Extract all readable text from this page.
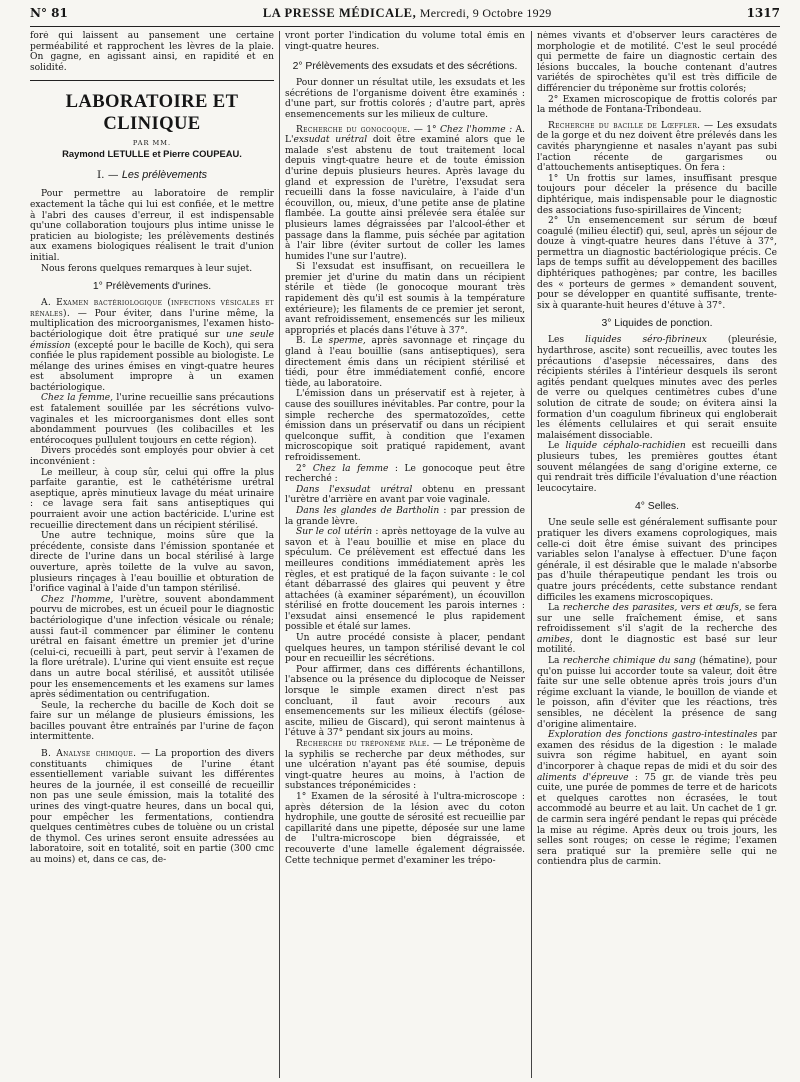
N° 81	LA PRESSE MÉDICALE, Mercredi, 9 Octobre 1929	1317

foré qui laissent au pansement une certaine perméabilité et rapprochent les lèvres de la plaie. On gagne, en agissant ainsi, en rapidité et en solidité.

LABORATOIRE ET CLINIQUE
PAR MM.
Raymond LETULLE et Pierre COUPEAU.
I. — Les prélèvements

Pour permettre au laboratoire de remplir exactement la tâche qui lui est confiée, et le mettre à l'abri des causes d'erreur, il est indispensable qu'une collaboration toujours plus intime unisse le praticien au biologiste; les prélèvements destinés aux examens biologiques réalisent le trait d'union initial.

Nous ferons quelques remarques à leur sujet.

1° Prélèvements d'urines.

A. Examen bactériologique (infections vésicales et rénales). — Pour éviter, dans l'urine même, la multiplication des microorganismes, l'examen histo-bactériologique doit être pratiqué sur une seule émission (excepté pour le bacille de Koch), qui sera confiée le plus rapidement possible au biologiste. Le mélange des urines émises en vingt-quatre heures est absolument improprе à un examen bactériologique.

Chez la femme, l'urine recueillie sans précautions est fatalement souillée par les sécrétions vulvo-vaginales et les microorganismes dont elles sont abondamment pourvues (les colibacilles et les entérocoques pullulent toujours en cette région).

Divers procédés sont employés pour obvier à cet inconvénient :

Le meilleur, à coup sûr, celui qui offre la plus parfaite garantie, est le cathétérisme urétral aseptique, après minutieux lavage du méat urinaire : ce lavage sera fait sans antiseptiques qui pourraient avoir une action bactéricide. L'urine est recueillie directement dans un récipient stérilisé.

Une autre technique, moins sûre que la précédente, consiste dans l'émission spontanée et directe de l'urine dans un bocal stérilisé à large ouverture, après toilette de la vulve au savon, plusieurs rinçages à l'eau bouillie et obturation de l'orifice vaginal à l'aide d'un tampon stérilisé.

Chez l'homme, l'urètre, souvent abondamment pourvu de microbes, est un écueil pour le diagnostic bactériologique d'une infection vésicale ou rénale; aussi faut-il commencer par éliminer le contenu urétral en faisant émettre un premier jet d'urine (celui-ci, recueilli à part, peut servir à l'examen de la flore urétrale). L'urine qui vient ensuite est reçue dans un autre bocal stérilisé, et aussitôt utilisée pour les ensemencements et les examens sur lames après sédimentation ou centrifugation.

Seule, la recherche du bacille de Koch doit se faire sur un mélange de plusieurs émissions, les bacilles pouvant être entraînés par l'urine de façon intermittente.

B. Analyse chimique. — La proportion des divers constituants chimiques de l'urine étant essentiellement variable suivant les différentes heures de la journée, il est conseillé de recueillir non pas une seule émission, mais la totalité des urines des vingt-quatre heures, dans un bocal qui, pour empêcher les fermentations, contiendra quelques centimètres cubes de toluène ou un cristal de thymol. Ces urines seront ensuite adressées au laboratoire, soit en totalité, soit en partie (300 cmc au moins) et, dans ce cas, de-

vront porter l'indication du volume total émis en vingt-quatre heures.

2° Prélèvements des exsudats et des sécrétions.

Pour donner un résultat utile, les exsudats et les sécrétions de l'organisme doivent être examinés : d'une part, sur frottis colorés ; d'autre part, après ensemencements sur les milieux de culture.

Recherche du gonocoque. — 1° Chez l'homme : A. L'exsudat urétral doit être examiné alors que le malade s'est abstenu de tout traitement local depuis vingt-quatre heure et de toute émission d'urine depuis plusieurs heures. Après lavage du gland et expression de l'urètre, l'exsudat sera recueilli dans la fosse naviculaire, à l'aide d'un écouvillon, ou, mieux, d'une petite anse de platine flambée. La goutte ainsi prélevée sera étalée sur plusieurs lames dégraissées par l'alcool-éther et passage dans la flamme, puis séchée par agitation à l'air libre (éviter surtout de coller les lames humides l'une sur l'autre).

Si l'exsudat est insuffisant, on recueillera le premier jet d'urine du matin dans un récipient stérile et tiède (le gonocoque mourant très rapidement dès qu'il est soumis à la température extérieure); les filaments de ce premier jet seront, avant refroidissement, ensemencés sur les milieux appropriés et placés dans l'étuve à 37°.

B. Le sperme, après savonnage et rinçage du gland à l'eau bouillie (sans antiseptiques), sera directement émis dans un récipient stérilisé et tiédi, pour être immédiatement confié, encore tiède, au laboratoire.

L'émission dans un préservatif est à rejeter, à cause des souillures inévitables. Par contre, pour la simple recherche des spermatozoïdes, cette émission dans un préservatif ou dans un récipient quelconque suffit, à condition que l'examen microscopique soit pratiqué rapidement, avant refroidissement.

2° Chez la femme : Le gonocoque peut être recherché :

Dans l'exsudat urétral obtenu en pressant l'urètre d'arrière en avant par voie vaginale.

Dans les glandes de Bartholin : par pression de la grande lèvre.

Sur le col utérin : après nettoyage de la vulve au savon et à l'eau bouillie et mise en place du spéculum. Ce prélèvement est effectué dans les meilleures conditions immédiatement après les règles, et est pratiqué de la façon suivante : le col étant débarrassé des glaires qui peuvent y être attachées (à examiner séparément), un écouvillon stérilisé en frotte doucement les parois internes : l'exsudat ainsi ensemencé le plus rapidement possible et étalé sur lames.

Un autre procédé consiste à placer, pendant quelques heures, un tampon stérilisé devant le col pour en recueillir les sécrétions.

Pour affirmer, dans ces différents échantillons, l'absence ou la présence du diplocoque de Neisser lorsque le simple examen direct n'est pas concluant, il faut avoir recours aux ensemencements sur les milieux électifs (gélose-ascite, milieu de Giscard), qui seront maintenus à l'étuve à 37° pendant six jours au moins.

Recherche du tréponème pâle. — Le tréponème de la syphilis se recherche par deux méthodes, sur une ulcération n'ayant pas été soumise, depuis vingt-quatre heures au moins, à l'action de substances tréponémicides :

1° Examen de la sérosité à l'ultra-microscope : après détersion de la lésion avec du coton hydrophile, une goutte de sérosité est recueillie par capillarité dans une pipette, déposée sur une lame de l'ultra-microscope bien dégraissée, et recouverte d'une lamelle également dégraissée. Cette technique permet d'examiner les trépo-

nèmes vivants et d'observer leurs caractères de morphologie et de motilité. C'est le seul procédé qui permette de faire un diagnostic certain des lésions buccales, la bouche contenant d'autres variétés de spirochètes qu'il est très difficile de différencier du tréponème sur frottis colorés;

2° Examen microscopique de frottis colorés par la méthode de Fontana-Tribondeau.

Recherche du bacille de Lœffler. — Les exsudats de la gorge et du nez doivent être prélevés dans les cavités pharyngienne et nasales n'ayant pas subi l'action récente de gargarismes ou d'attouchements antiseptiques. On fera :

1° Un frottis sur lames, insuffisant presque toujours pour déceler la présence du bacille diphtérique, mais indispensable pour le diagnostic des associations fuso-spirillaires de Vincent;

2° Un ensemencement sur sérum de bœuf coagulé (milieu électif) qui, seul, après un séjour de douze à vingt-quatre heures dans l'étuve à 37°, permettra un diagnostic bactériologique précis. Ce laps de temps suffit au développement des bacilles diphtériques pathogènes; par contre, les bacilles des « porteurs de germes » demandent souvent, pour se développer en quantité suffisante, trente-six à quarante-huit heures d'étuve à 37°.

3° Liquides de ponction.

Les liquides séro-fibrineux (pleurésie, hydarthrose, ascite) sont recueillis, avec toutes les précautions d'asepsie nécessaires, dans des récipients stériles à l'intérieur desquels ils seront agités pendant quelques minutes avec des perles de verre ou quelques centimètres cubes d'une solution de citrate de soude; on évitera ainsi la formation d'un coagulum fibrineux qui engloberait les éléments cellulaires et qui serait ensuite malaisément dissociable.

Le liquide céphalo-rachidien est recueilli dans plusieurs tubes, les premières gouttes étant souvent mélangées de sang d'origine externe, ce qui rendrait très difficile l'évaluation d'une réaction leucocytaire.

4° Selles.

Une seule selle est généralement suffisante pour pratiquer les divers examens coprologiques, mais celle-ci doit être émise suivant des principes variables selon l'analyse à effectuer. D'une façon générale, il est désirable que le malade n'absorbe pas d'huile thérapeutique pendant les trois ou quatre jours précédents, cette substance rendant difficiles les examens microscopiques.

La recherche des parasites, vers et œufs, se fera sur une selle fraîchement émise, et sans refroidissement s'il s'agit de la recherche des amibes, dont le diagnostic est basé sur leur motilité.

La recherche chimique du sang (hématine), pour qu'on puisse lui accorder toute sa valeur, doit être faite sur une selle obtenue après trois jours d'un régime excluant la viande, le bouillon de viande et le poisson, afin d'éviter que les réactions, très sensibles, ne décèlent la présence de sang d'origine alimentaire.

Exploration des fonctions gastro-intestinales par examen des résidus de la digestion : le malade suivra son régime habituel, en ayant soin d'incorporer à chaque repas de midi et du soir des aliments d'épreuve : 75 gr. de viande très peu cuite, une purée de pommes de terre et de haricots et quelques carottes non écrasées, le tout accommodé au beurre et au lait. Un cachet de 1 gr. de carmin sera ingéré pendant le repas qui précède la mise au régime. Après deux ou trois jours, les selles sont rouges; on cesse le régime; l'examen sera pratiqué sur la première selle qui ne contiendra plus de carmin.
